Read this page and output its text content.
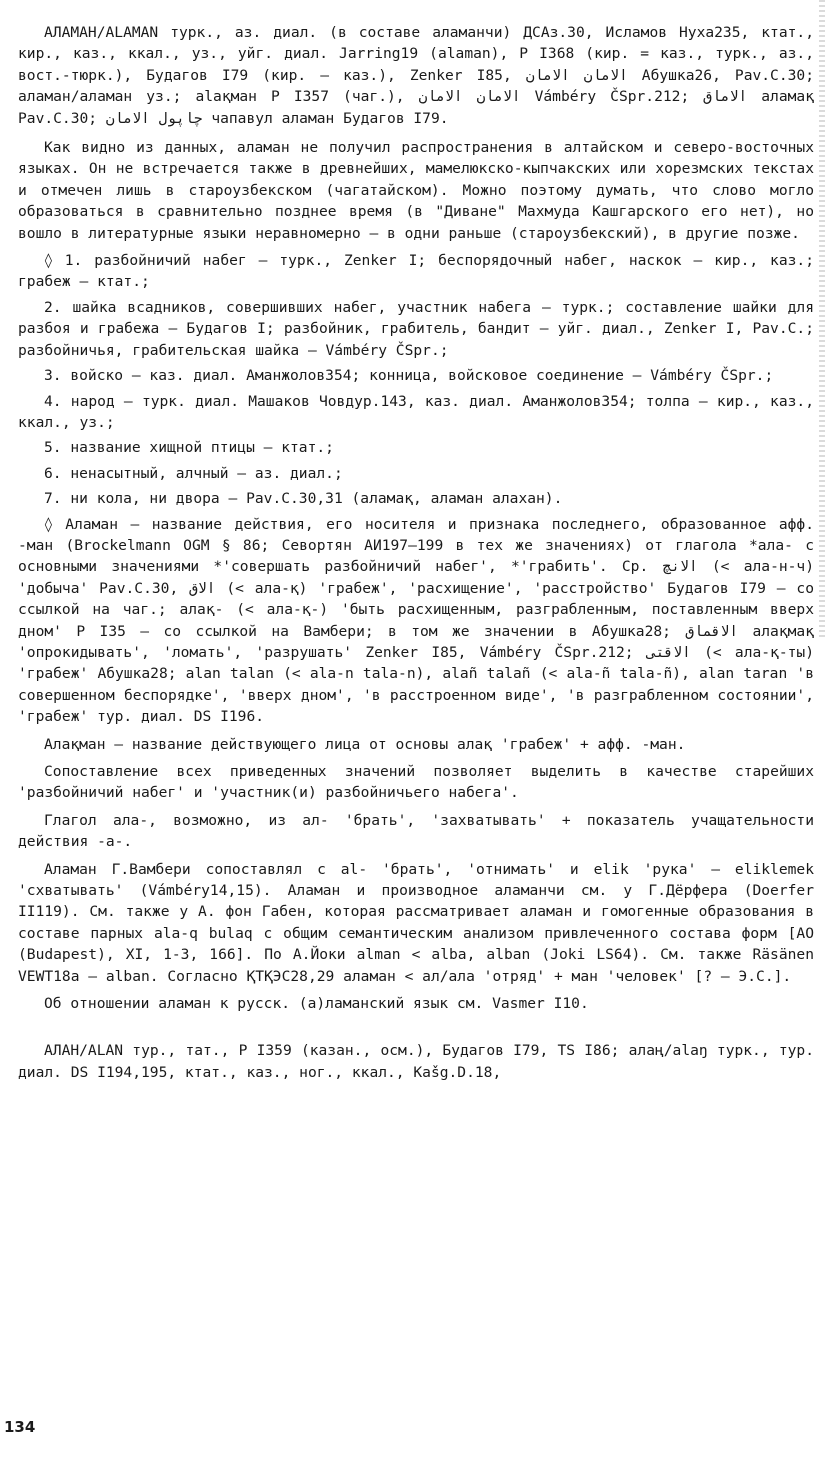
АЛАМАН/ALAMAN турк., аз. диал. (в составе аламанчи) ДСАз.30, Исламов Нуха235, ктат., кир., каз., ккал., уз., уйг. диал. Jarring19 (alaman), Р I368 (кир. = каз., турк., аз., вост.-тюрк.), Будагов I79 (кир. – каз.), Zenker I85, الامان الامان Абушка26, Pav.C.30; аламан/аламан уз.; alaқман Р I357 (чаг.), الامان الامان Vámbéry ČSpr.212; الاماق аламақ Pav.C.30; چاپول الامان чапавул аламан Будагов I79.

Как видно из данных, аламан не получил распространения в алтайском и северо-восточных языках. Он не встречается также в древнейших, мамелюкско-кыпчакских или хорезмских текстах и отмечен лишь в староузбекском (чагатайском). Можно поэтому думать, что слово могло образоваться в сравнительно позднее время (в "Диване" Махмуда Кашгарского его нет), но вошло в литературные языки неравномерно – в одни раньше (староузбекский), в другие позже.

◊ 1. разбойничий набег – турк., Zenker I; беспорядочный набег, наскок – кир., каз.; грабеж – ктат.;

2. шайка всадников, совершивших набег, участник набега – турк.; составление шайки для разбоя и грабежа – Будагов I; разбойник, грабитель, бандит – уйг. диал., Zenker I, Pav.C.; разбойничья, грабительская шайка – Vámbéry ČSpr.;

3. войско – каз. диал. Аманжолов354; конница, войсковое соединение – Vámbéry ČSpr.;

4. народ – турк. диал. Машаков Човдур.143, каз. диал. Аманжолов354; толпа – кир., каз., ккал., уз.;

5. название хищной птицы – ктат.;

6. ненасытный, алчный – аз. диал.;

7. ни кола, ни двора – Pav.C.30,31 (аламақ, аламан алахан).

◊ Аламан – название действия, его носителя и признака последнего, образованное афф. -ман (Brockelmann OGM § 86; Севортян АИ197–199 в тех же значениях) от глагола *ала- с основными значениями *'совершать разбойничий набег', *'грабить'. Ср. الانچ (< ала-н-ч) 'добыча' Pav.C.30, الاق (< ала-қ) 'грабеж', 'расхищение', 'расстройство' Будагов I79 – со ссылкой на чаг.; алақ- (< ала-қ-) 'быть расхищенным, разграбленным, поставленным вверх дном' Р I35 – со ссылкой на Вамбери; в том же значении в Абушка28; الاقماق алақмақ 'опрокидывать', 'ломать', 'разрушать' Zenker I85, Vámbéry ČSpr.212; الاقتى (< ала-қ-ты) 'грабеж' Абушка28; alan talan (< ala-n tala-n), alañ talañ (< ala-ñ tala-ñ), alan taran 'в совершенном беспорядке', 'вверх дном', 'в расстроенном виде', 'в разграбленном состоянии', 'грабеж' тур. диал. DS I196.

Алақман – название действующего лица от основы алақ 'грабеж' + афф. -ман.

Сопоставление всех приведенных значений позволяет выделить в качестве старейших 'разбойничий набег' и 'участник(и) разбойничьего набега'.

Глагол ала-, возможно, из ал- 'брать', 'захватывать' + показатель учащательности действия -а-.

Аламан Г.Вамбери сопоставлял с al- 'брать', 'отнимать' и elik 'рука' – eliklemek 'схватывать' (Vámbéry14,15). Аламан и производное аламанчи см. у Г.Дёрфера (Doerfer II119). См. также у А. фон Габен, которая рассматривает аламан и гомогенные образования в составе парных ala-q bulaq с общим семантическим анализом привлеченного состава форм [AO (Budapest), XI, 1-3, 166]. По А.Йоки alman < alba, alban (Joki LS64). См. также Räsänen VEWT18a – alban. Согласно ҚТҚЭС28,29 аламан < ал/ала 'отряд' + ман 'человек' [? – Э.С.].

Об отношении аламан к русск. (а)ламанский язык см. Vasmer I10.

АЛАН/ALAN тур., тат., Р I359 (казан., осм.), Будагов I79, TS I86; алаң/alaŋ турк., тур. диал. DS I194,195, ктат., каз., ног., ккал., Каšg.D.18,

134
